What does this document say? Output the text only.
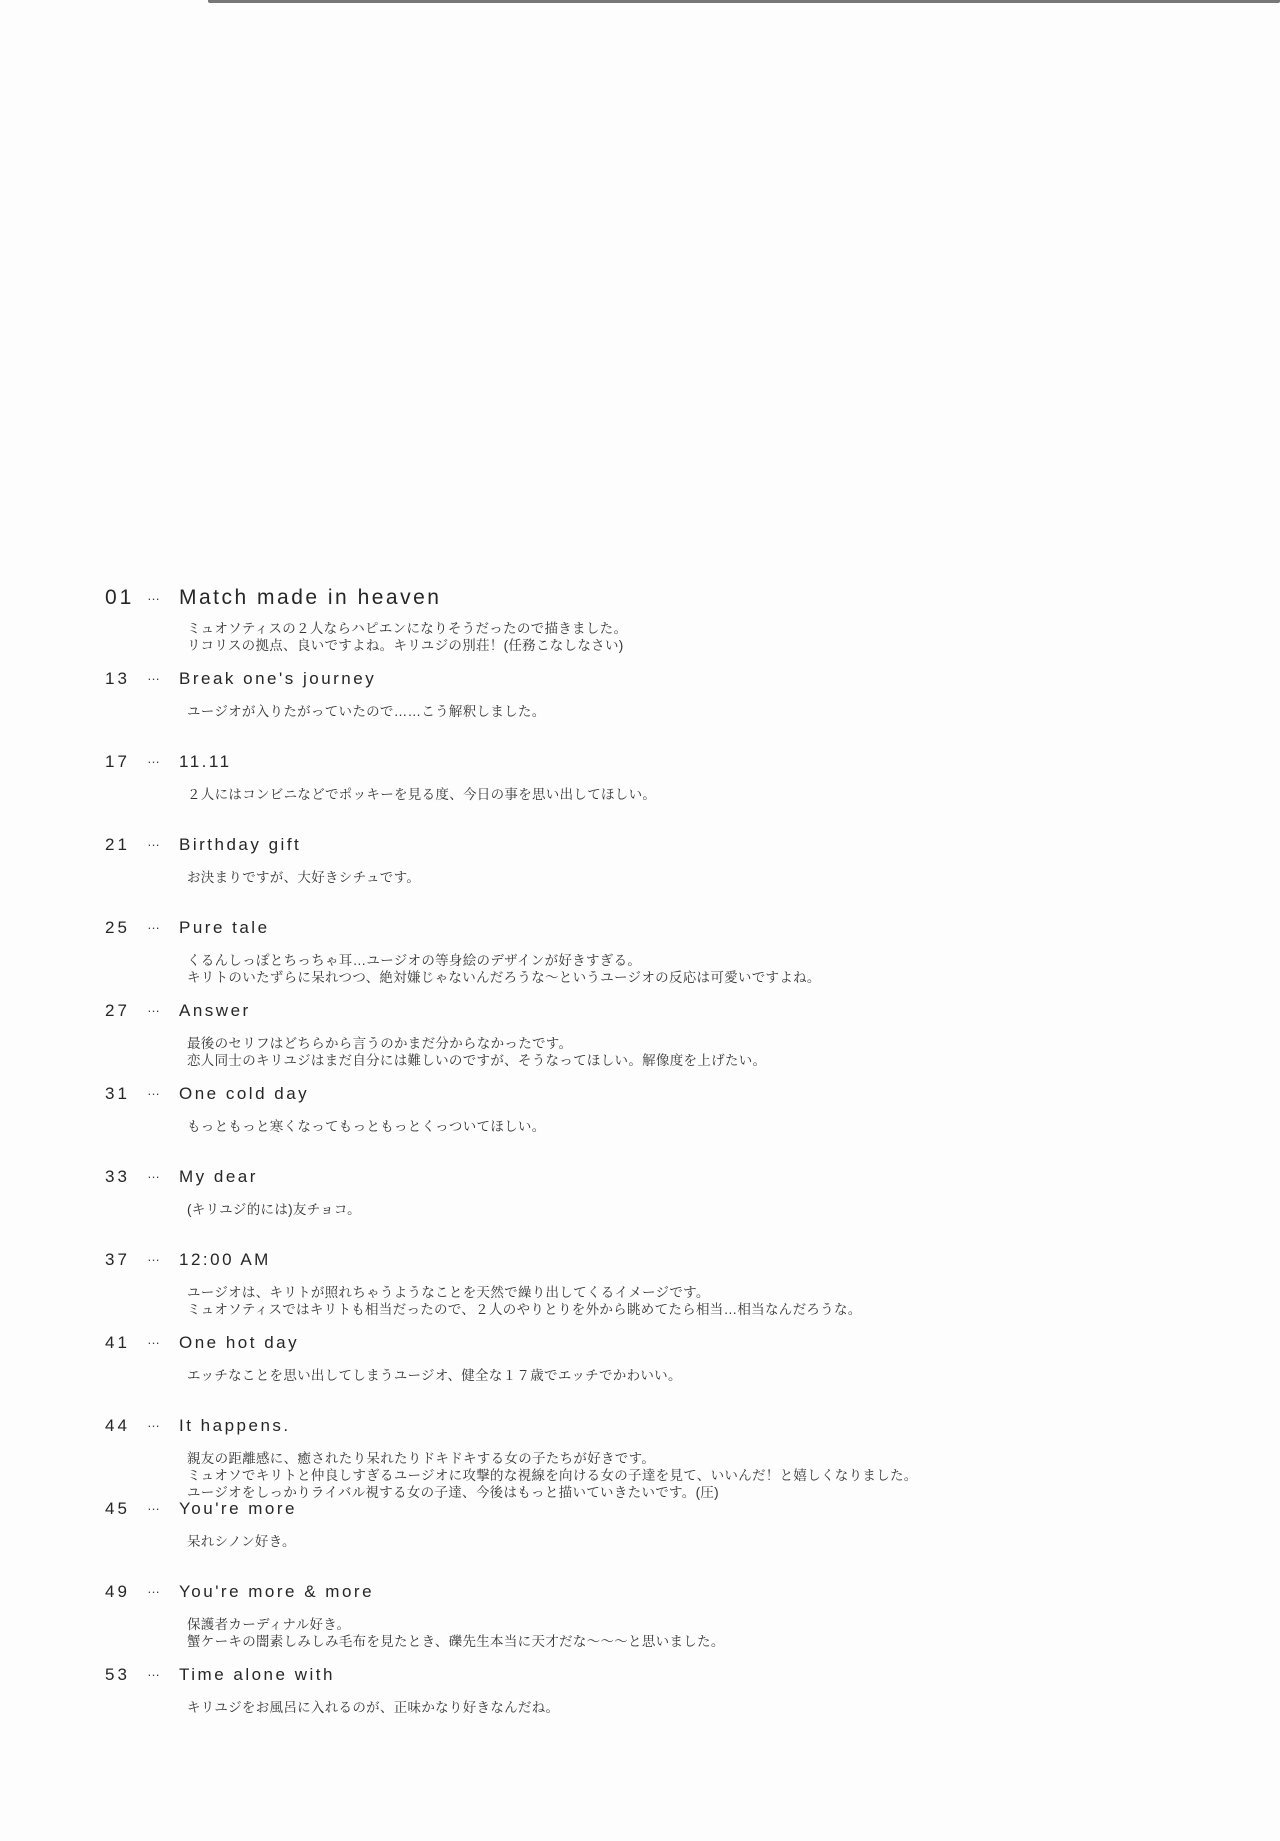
01 … Match made in heaven
ミュオソティスの２人ならハピエンになりそうだったので描きました。
リコリスの拠点、良いですよね。キリユジの別荘！(任務こなしなさい)
13	…	Break one's journey
ユージオが入りたがっていたので……こう解釈しました。
17	…	11.11
２人にはコンビニなどでポッキーを見る度、今日の事を思い出してほしい。
21	…	Birthday gift
お決まりですが、大好きシチュです。
25	…	Pure tale
くるんしっぽとちっちゃ耳…ユージオの等身絵のデザインが好きすぎる。
キリトのいたずらに呆れつつ、絶対嫌じゃないんだろうな～というユージオの反応は可愛いですよね。
27	…	Answer
最後のセリフはどちらから言うのかまだ分からなかったです。
恋人同士のキリユジはまだ自分には難しいのですが、そうなってほしい。解像度を上げたい。
31	…	One cold day
もっともっと寒くなってもっともっとくっついてほしい。
33	…	My dear
(キリユジ的には)友チョコ。
37	…	12:00 AM
ユージオは、キリトが照れちゃうようなことを天然で繰り出してくるイメージです。
ミュオソティスではキリトも相当だったので、２人のやりとりを外から眺めてたら相当…相当なんだろうな。
41	…	One hot day
エッチなことを思い出してしまうユージオ、健全な１７歳でエッチでかわいい。
44	…	It happens.
親友の距離感に、癒されたり呆れたりドキドキする女の子たちが好きです。
ミュオソでキリトと仲良しすぎるユージオに攻撃的な視線を向ける女の子達を見て、いいんだ！と嬉しくなりました。
ユージオをしっかりライバル視する女の子達、今後はもっと描いていきたいです。(圧)
45	…	You're more
呆れシノン好き。
49	…	You're more & more
保護者カーディナル好き。
蟹ケーキの闇素しみしみ毛布を見たとき、礫先生本当に天才だな～～～と思いました。
53	…	Time alone with
キリユジをお風呂に入れるのが、正味かなり好きなんだね。
